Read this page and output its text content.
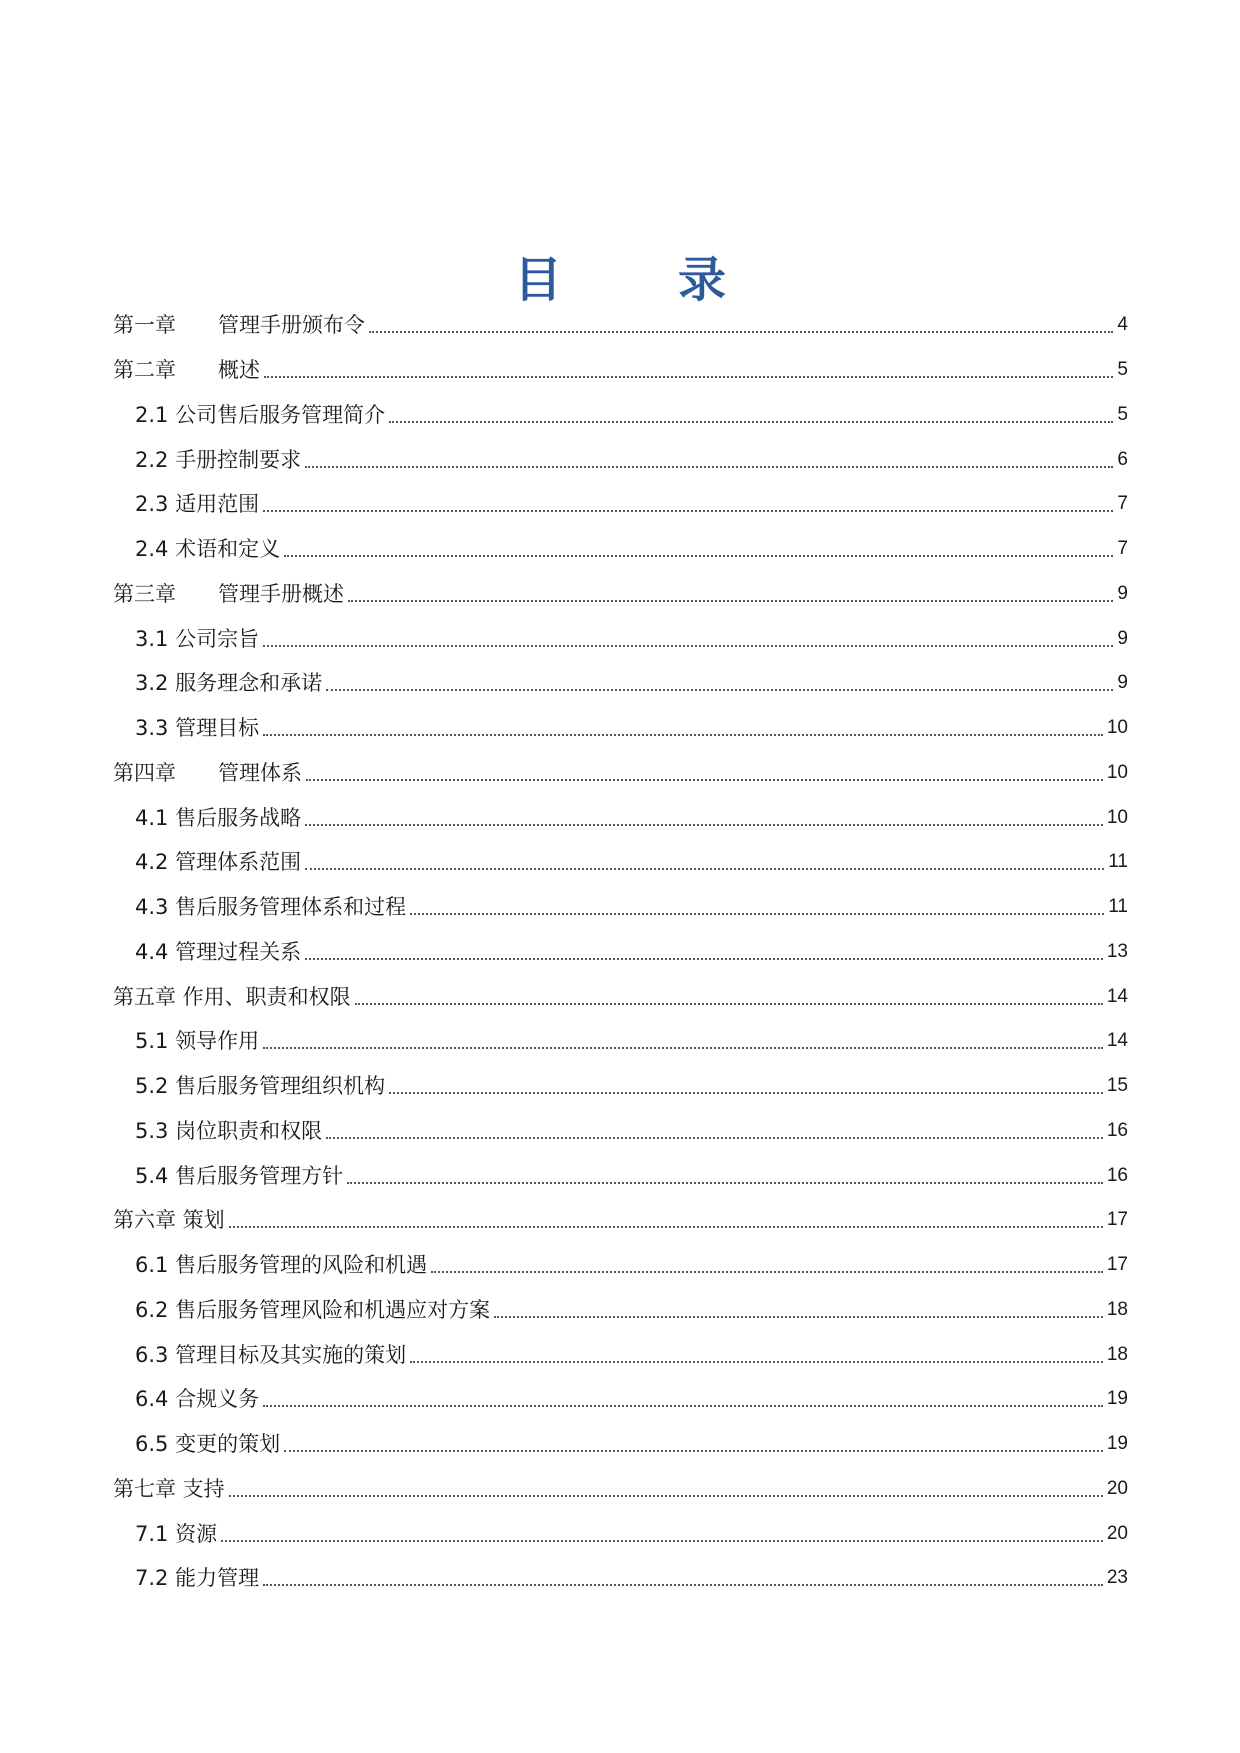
目　录
第一章　　管理手册颁布令	4
第二章　　概述	5
2.1 公司售后服务管理简介	5
2.2 手册控制要求	6
2.3 适用范围	7
2.4 术语和定义	7
第三章　　管理手册概述	9
3.1 公司宗旨	9
3.2 服务理念和承诺	9
3.3 管理目标	10
第四章　　管理体系	10
4.1 售后服务战略	10
4.2 管理体系范围	11
4.3 售后服务管理体系和过程	11
4.4 管理过程关系	13
第五章 作用、职责和权限	14
5.1 领导作用	14
5.2 售后服务管理组织机构	15
5.3 岗位职责和权限	16
5.4 售后服务管理方针	16
第六章 策划	17
6.1 售后服务管理的风险和机遇	17
6.2 售后服务管理风险和机遇应对方案	18
6.3 管理目标及其实施的策划	18
6.4 合规义务	19
6.5 变更的策划	19
第七章 支持	20
7.1 资源	20
7.2 能力管理	23
